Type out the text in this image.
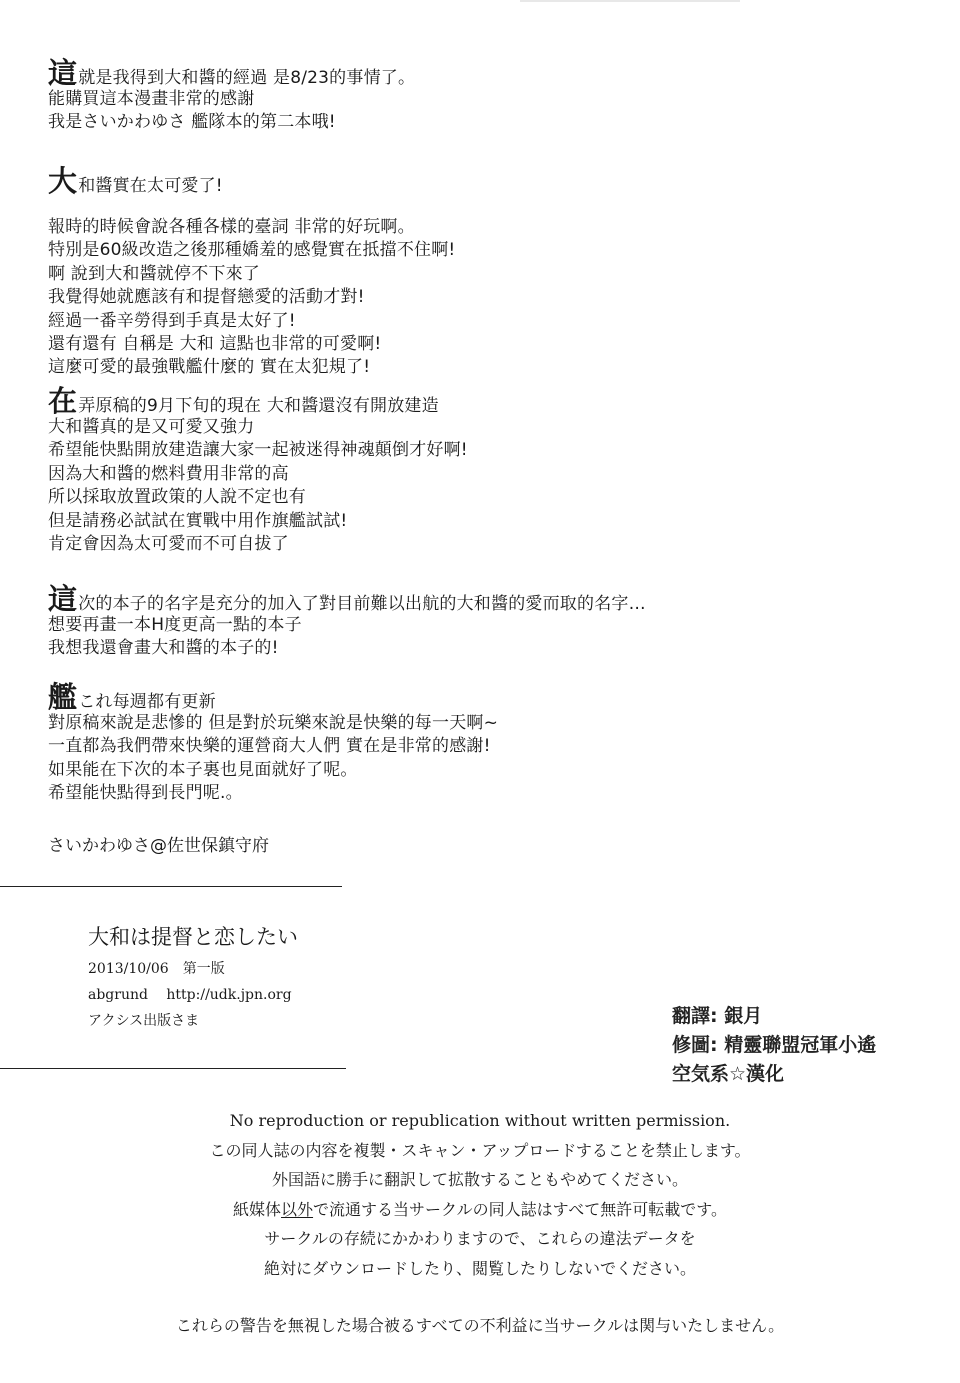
這就是我得到大和醬的經過 是8/23的事情了。
能購買這本漫畫非常的感謝
我是さいかわゆさ 艦隊本的第二本哦!
大和醬實在太可愛了!
報時的時候會說各種各樣的臺詞 非常的好玩啊。
特別是60級改造之後那種嬌羞的感覺實在抵擋不住啊!
啊 說到大和醬就停不下來了
我覺得她就應該有和提督戀愛的活動才對!
經過一番辛勞得到手真是太好了!
還有還有 自稱是 大和 這點也非常的可愛啊!
這麼可愛的最強戰艦什麼的 實在太犯規了!
在弄原稿的9月下旬的現在 大和醬還沒有開放建造
大和醬真的是又可愛又強力
希望能快點開放建造讓大家一起被迷得神魂顛倒才好啊!
因為大和醬的燃料費用非常的高
所以採取放置政策的人說不定也有
但是請務必試試在實戰中用作旗艦試試!
肯定會因為太可愛而不可自拔了
這次的本子的名字是充分的加入了對目前難以出航的大和醬的愛而取的名字…
想要再畫一本H度更高一點的本子
我想我還會畫大和醬的本子的!
艦これ每週都有更新
對原稿來說是悲慘的 但是對於玩樂來說是快樂的每一天啊~
一直都為我們帶來快樂的運營商大人們 實在是非常的感謝!
如果能在下次的本子裏也見面就好了呢。
希望能快點得到長門呢.。
さいかわゆさ@佐世保鎮守府
大和は提督と恋したい
2013/10/06　第一版
abgrund　 http://udk.jpn.org
アクシス出版さま	翻譯: 銀月
修圖: 精靈聯盟冠軍小遙
空気系☆漢化
No reproduction or republication without written permission.
この同人誌の内容を複製・スキャン・アップロードすることを禁止します。
外国語に勝手に翻訳して拡散することもやめてください。
紙媒体以外で流通する当サークルの同人誌はすべて無許可転載です。
サークルの存続にかかわりますので、これらの違法データを
絶対にダウンロードしたり、閲覧したりしないでください。
これらの警告を無視した場合被るすべての不利益に当サークルは関与いたしません。
